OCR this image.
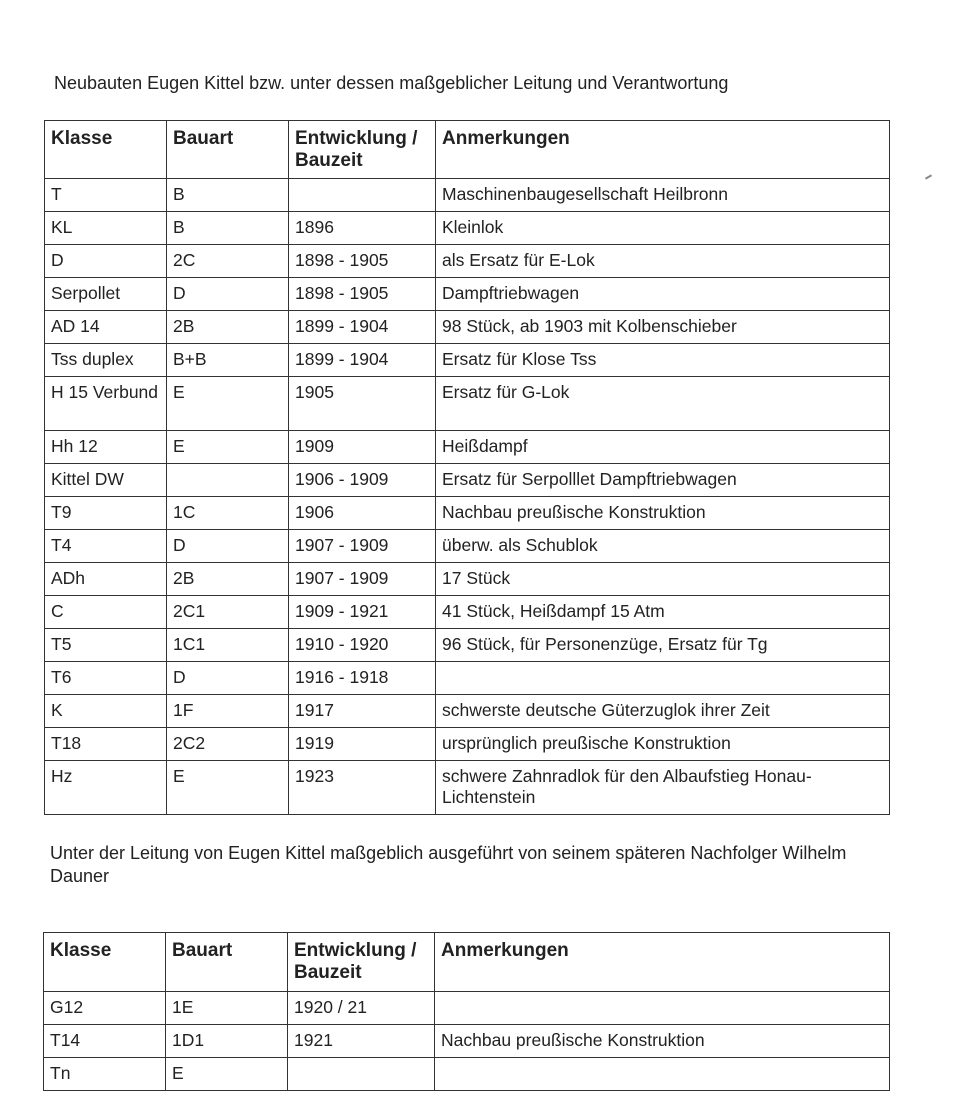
Neubauten Eugen Kittel bzw. unter dessen maßgeblicher Leitung und Verantwortung

Klasse	Bauart	Entwicklung / Bauzeit	Anmerkungen
T	B		Maschinenbaugesellschaft Heilbronn
KL	B	1896	Kleinlok
D	2C	1898 - 1905	als Ersatz für E-Lok
Serpollet	D	1898 - 1905	Dampftriebwagen
AD 14	2B	1899 - 1904	98 Stück, ab 1903 mit Kolbenschieber
Tss duplex	B+B	1899 - 1904	Ersatz für Klose Tss
H 15 Verbund	E	1905	Ersatz für G-Lok
Hh 12	E	1909	Heißdampf
Kittel DW		1906 - 1909	Ersatz für Serpolllet Dampftriebwagen
T9	1C	1906	Nachbau preußische Konstruktion
T4	D	1907 - 1909	überw. als Schublok
ADh	2B	1907 - 1909	17 Stück
C	2C1	1909 - 1921	41 Stück, Heißdampf 15 Atm
T5	1C1	1910 - 1920	96 Stück, für Personenzüge, Ersatz für Tg
T6	D	1916 - 1918	
K	1F	1917	schwerste deutsche Güterzuglok ihrer Zeit
T18	2C2	1919	ursprünglich preußische Konstruktion
Hz	E	1923	schwere Zahnradlok für den Albaufstieg Honau-Lichtenstein

Unter der Leitung von Eugen Kittel maßgeblich ausgeführt von seinem späteren Nachfolger Wilhelm Dauner

Klasse	Bauart	Entwicklung / Bauzeit	Anmerkungen
G12	1E	1920 / 21	
T14	1D1	1921	Nachbau preußische Konstruktion
Tn	E		
